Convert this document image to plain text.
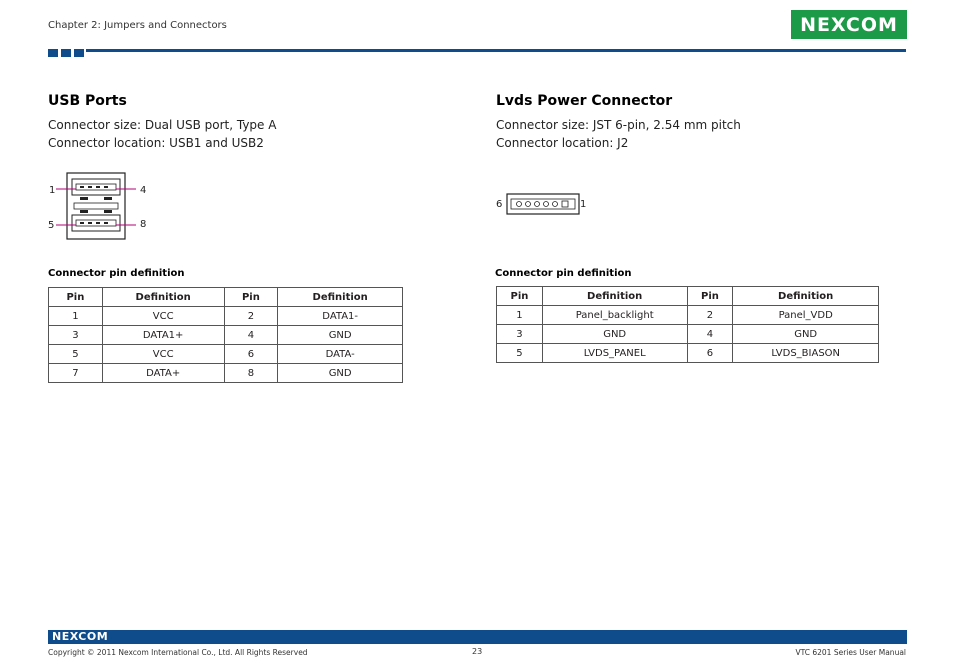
Chapter 2: Jumpers and Connectors	NEXCOM
USB Ports
Connector size: Dual USB port, Type A
Connector location: USB1 and USB2
1	4
5	8
Connector pin definition
Pin	Definition	Pin	Definition
1	VCC	2	DATA1-
3	DATA1+	4	GND
5	VCC	6	DATA-
7	DATA+	8	GND
Lvds Power Connector
Connector size: JST 6-pin, 2.54 mm pitch
Connector location: J2
6	1
Connector pin definition
Pin	Definition	Pin	Definition
1	Panel_backlight	2	Panel_VDD
3	GND	4	GND
5	LVDS_PANEL	6	LVDS_BIASON
NEXCOM
Copyright © 2011 Nexcom International Co., Ltd. All Rights Reserved	23	VTC 6201 Series User Manual
